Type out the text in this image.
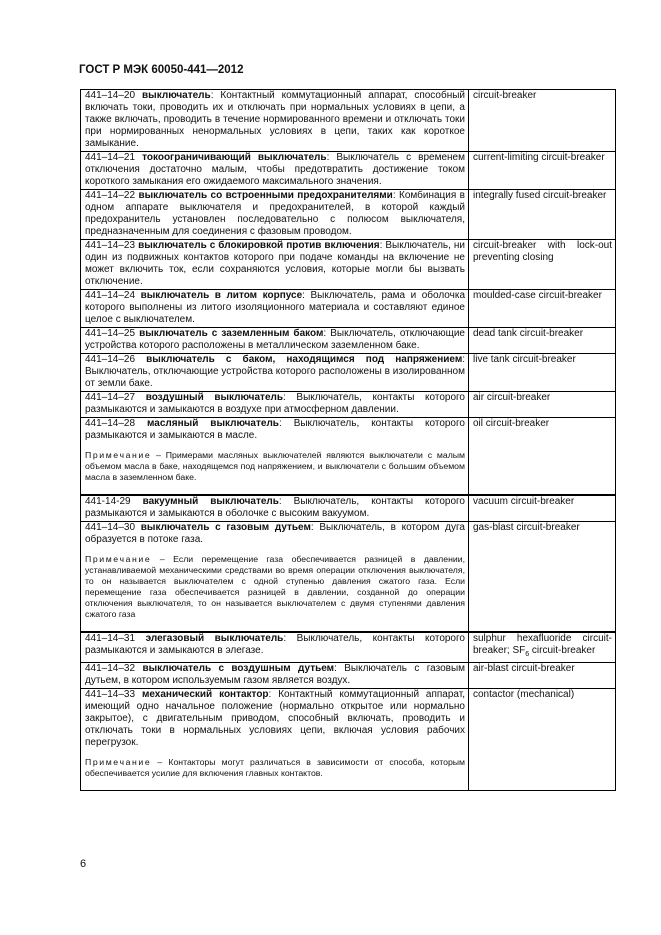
ГОСТ Р МЭК 60050-441—2012
441–14–20 выключатель: Контактный коммутационный аппарат, способный включать токи, проводить их и отключать при нормальных условиях в цепи, а также включать, проводить в течение нормированного времени и отключать токи при нормированных ненормальных условиях в цепи, таких как короткое замыкание.	circuit-breaker

441–14–21 токоограничивающий выключатель: Выключатель с временем отключения достаточно малым, чтобы предотвратить достижение током короткого замыкания его ожидаемого максимального значения.	current-limiting circuit-breaker

441–14–22 выключатель со встроенными предохранителями: Комбинация в одном аппарате выключателя и предохранителей, в которой каждый предохранитель установлен последовательно с полюсом выключателя, предназначенным для соединения с фазовым проводом.	integrally fused circuit-breaker

441–14–23 выключатель с блокировкой против включения: Выключатель, ни один из подвижных контактов которого при подаче команды на включение не может включить ток, если сохраняются условия, которые могли бы вызвать отключение.	circuit-breaker with lock-out preventing closing

441–14–24 выключатель в литом корпусе: Выключатель, рама и оболочка которого выполнены из литого изоляционного материала и составляют единое целое с выключателем.	moulded-case circuit-breaker

441–14–25 выключатель с заземленным баком: Выключатель, отключающие устройства которого расположены в металлическом заземленном баке.	dead tank circuit-breaker

441–14–26 выключатель с баком, находящимся под напряжением: Выключатель, отключающие устройства которого расположены в изолированном от земли баке.	live tank circuit-breaker

441–14–27 воздушный выключатель: Выключатель, контакты которого размыкаются и замыкаются в воздухе при атмосферном давлении.	air circuit-breaker

441–14–28 масляный выключатель: Выключатель, контакты которого размыкаются и замыкаются в масле.
Примечание – Примерами масляных выключателей являются выключатели с малым объемом масла в баке, находящемся под напряжением, и выключатели с большим объемом масла в заземленном баке.	oil circuit-breaker

441-14-29 вакуумный выключатель: Выключатель, контакты которого размыкаются и замыкаются в оболочке с высоким вакуумом.	vacuum circuit-breaker

441–14–30 выключатель с газовым дутьем: Выключатель, в котором дуга образуется в потоке газа.
Примечание – Если перемещение газа обеспечивается разницей в давлении, устанавливаемой механическими средствами во время операции отключения выключателя, то он называется выключателем с одной ступенью давления сжатого газа. Если перемещение газа обеспечивается разницей в давлении, созданной до операции отключения выключателя, то он называется выключателем с двумя ступенями давления сжатого газа	gas-blast circuit-breaker

441–14–31 элегазовый выключатель: Выключатель, контакты которого размыкаются и замыкаются в элегазе.	sulphur hexafluoride circuit-breaker; $SF_6$ circuit-breaker

441–14–32 выключатель с воздушным дутьем: Выключатель с газовым дутьем, в котором используемым газом является воздух.	air-blast circuit-breaker

441–14–33 механический контактор: Контактный коммутационный аппарат, имеющий одно начальное положение (нормально открытое или нормально закрытое), с двигательным приводом, способный включать, проводить и отключать токи в нормальных условиях цепи, включая условия рабочих перегрузок.
Примечание – Контакторы могут различаться в зависимости от способа, которым обеспечивается усилие для включения главных контактов.	contactor (mechanical)
6
